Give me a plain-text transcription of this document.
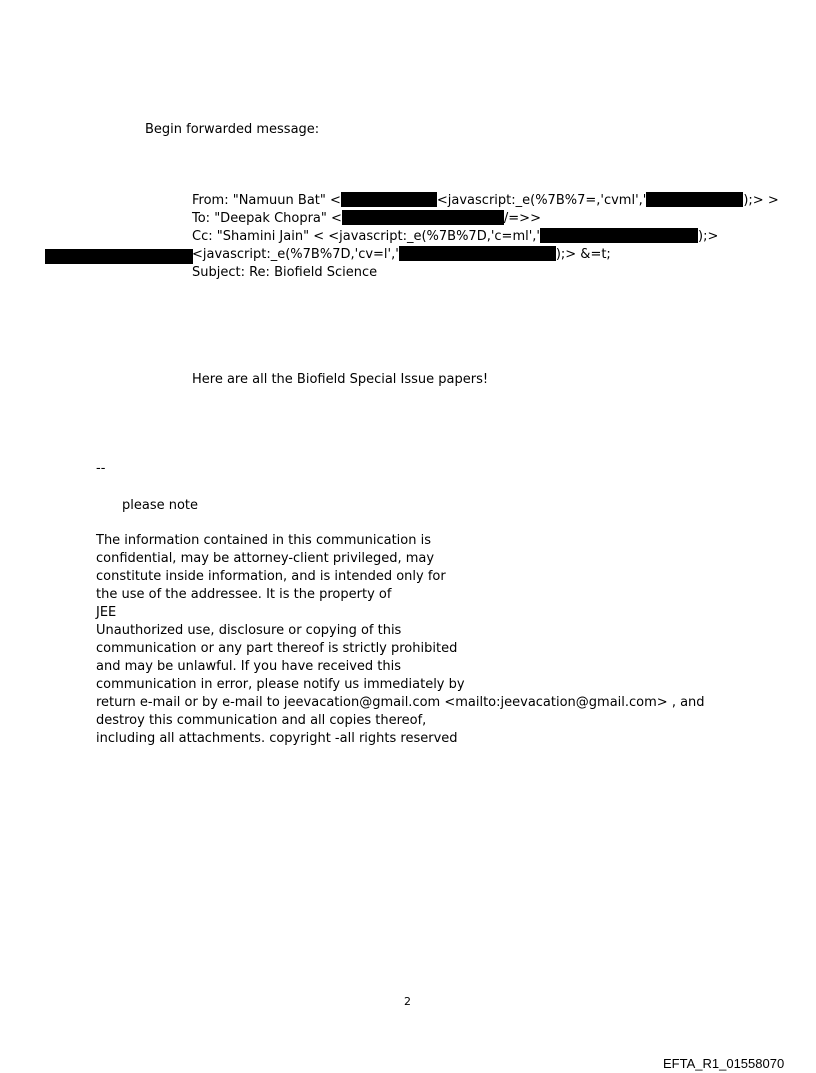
Begin forwarded message:
From: "Namuun Bat" <	<javascript:_e(%7B%7=,'cvml','	);> >
To: "Deepak Chopra" <	/=>>
Cc: "Shamini Jain" < <javascript:_e(%7B%7D,'c=ml','	);>
<javascript:_e(%7B%7D,'cv=l','	);> &=t;
Subject: Re: Biofield Science
Here are all the Biofield Special Issue papers!
--
please note
The information contained in this communication is
confidential, may be attorney-client privileged, may
constitute inside information, and is intended only for
the use of the addressee. It is the property of
JEE
Unauthorized use, disclosure or copying of this
communication or any part thereof is strictly prohibited
and may be unlawful. If you have received this
communication in error, please notify us immediately by
return e-mail or by e-mail to jeevacation@gmail.com <mailto:jeevacation@gmail.com> , and
destroy this communication and all copies thereof,
including all attachments. copyright -all rights reserved
2
EFTA_R1_01558070
